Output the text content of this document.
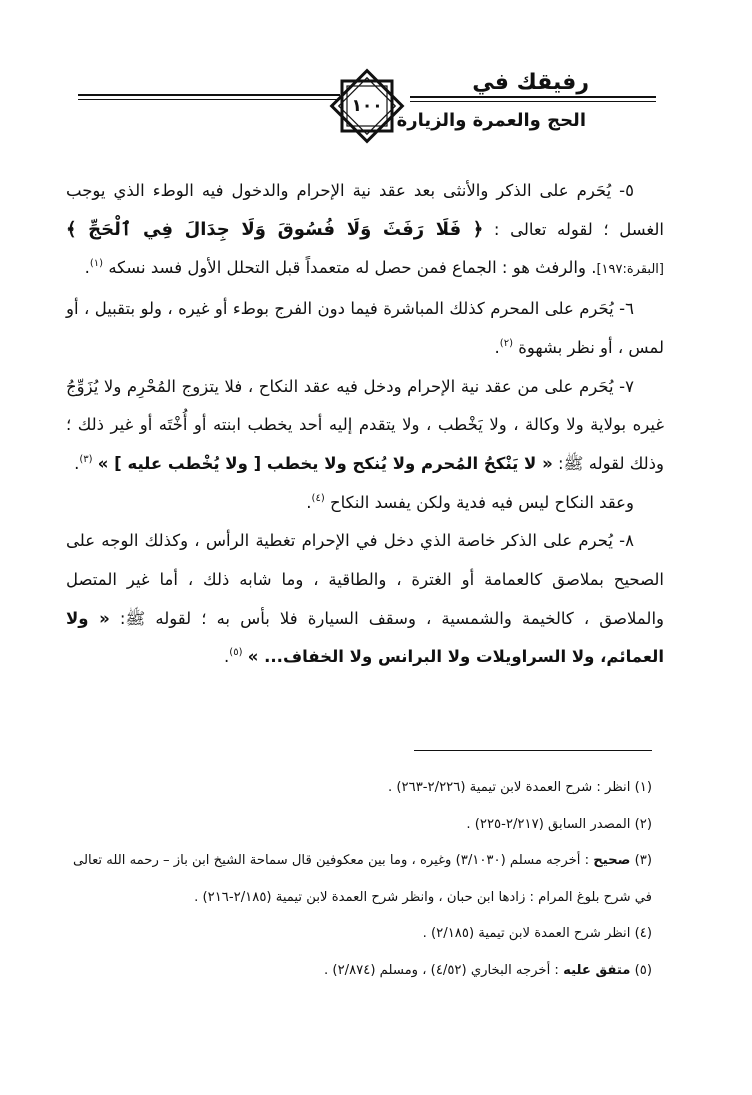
رفيقك في
الحج والعمرة والزيارة
١٠٠

٥- يُحَرم على الذكر والأنثى بعد عقد نية الإحرام والدخول فيه الوطء الذي يوجب الغسل ؛ لقوله تعالى : ﴿ فَلَا رَفَثَ وَلَا فُسُوقَ وَلَا جِدَالَ فِي ٱلْحَجِّ ﴾ [البقرة:١٩٧]. والرفث هو : الجماع فمن حصل له متعمداً قبل التحلل الأول فسد نسكه $^{(١)}$.

٦- يُحَرم على المحرم كذلك المباشرة فيما دون الفرج بوطء أو غيره ، ولو بتقبيل ، أو لمس ، أو نظر بشهوة $^{(٢)}$.

٧- يُحَرم على من عقد نية الإحرام ودخل فيه عقد النكاح ، فلا يتزوج المُحْرِم ولا يُزَوِّجُ غيره بولاية ولا وكالة ، ولا يَخْطب ، ولا يتقدم إليه أحد يخطب ابنته أو أُخْتَه أو غير ذلك ؛ وذلك لقوله ﷺ: « لا يَنْكحُ المُحرم ولا يُنكح ولا يخطب [ ولا يُخْطب عليه ] » $^{(٣)}$.

وعقد النكاح ليس فيه فدية ولكن يفسد النكاح $^{(٤)}$.

٨- يُحرم على الذكر خاصة الذي دخل في الإحرام تغطية الرأس ، وكذلك الوجه على الصحيح بملاصق كالعمامة أو الغترة ، والطاقية ، وما شابه ذلك ، أما غير المتصل والملاصق ، كالخيمة والشمسية ، وسقف السيارة فلا بأس به ؛ لقوله ﷺ: « ولا العمائم، ولا السراويلات ولا البرانس ولا الخفاف... » $^{(٥)}$.

(١) انظر : شرح العمدة لابن تيمية (٢/٢٢٦-٢٦٣) .

(٢) المصدر السابق (٢/٢١٧-٢٢٥) .

(٣) صحيح : أخرجه مسلم (٣/١٠٣٠) وغيره ، وما بين معكوفين قال سماحة الشيخ ابن باز – رحمه الله تعالى في شرح بلوغ المرام : زادها ابن حبان ، وانظر شرح العمدة لابن تيمية (٢/١٨٥-٢١٦) .

(٤) انظر شرح العمدة لابن تيمية (٢/١٨٥) .

(٥) متفق عليه : أخرجه البخاري (٤/٥٢) ، ومسلم (٢/٨٧٤) .
